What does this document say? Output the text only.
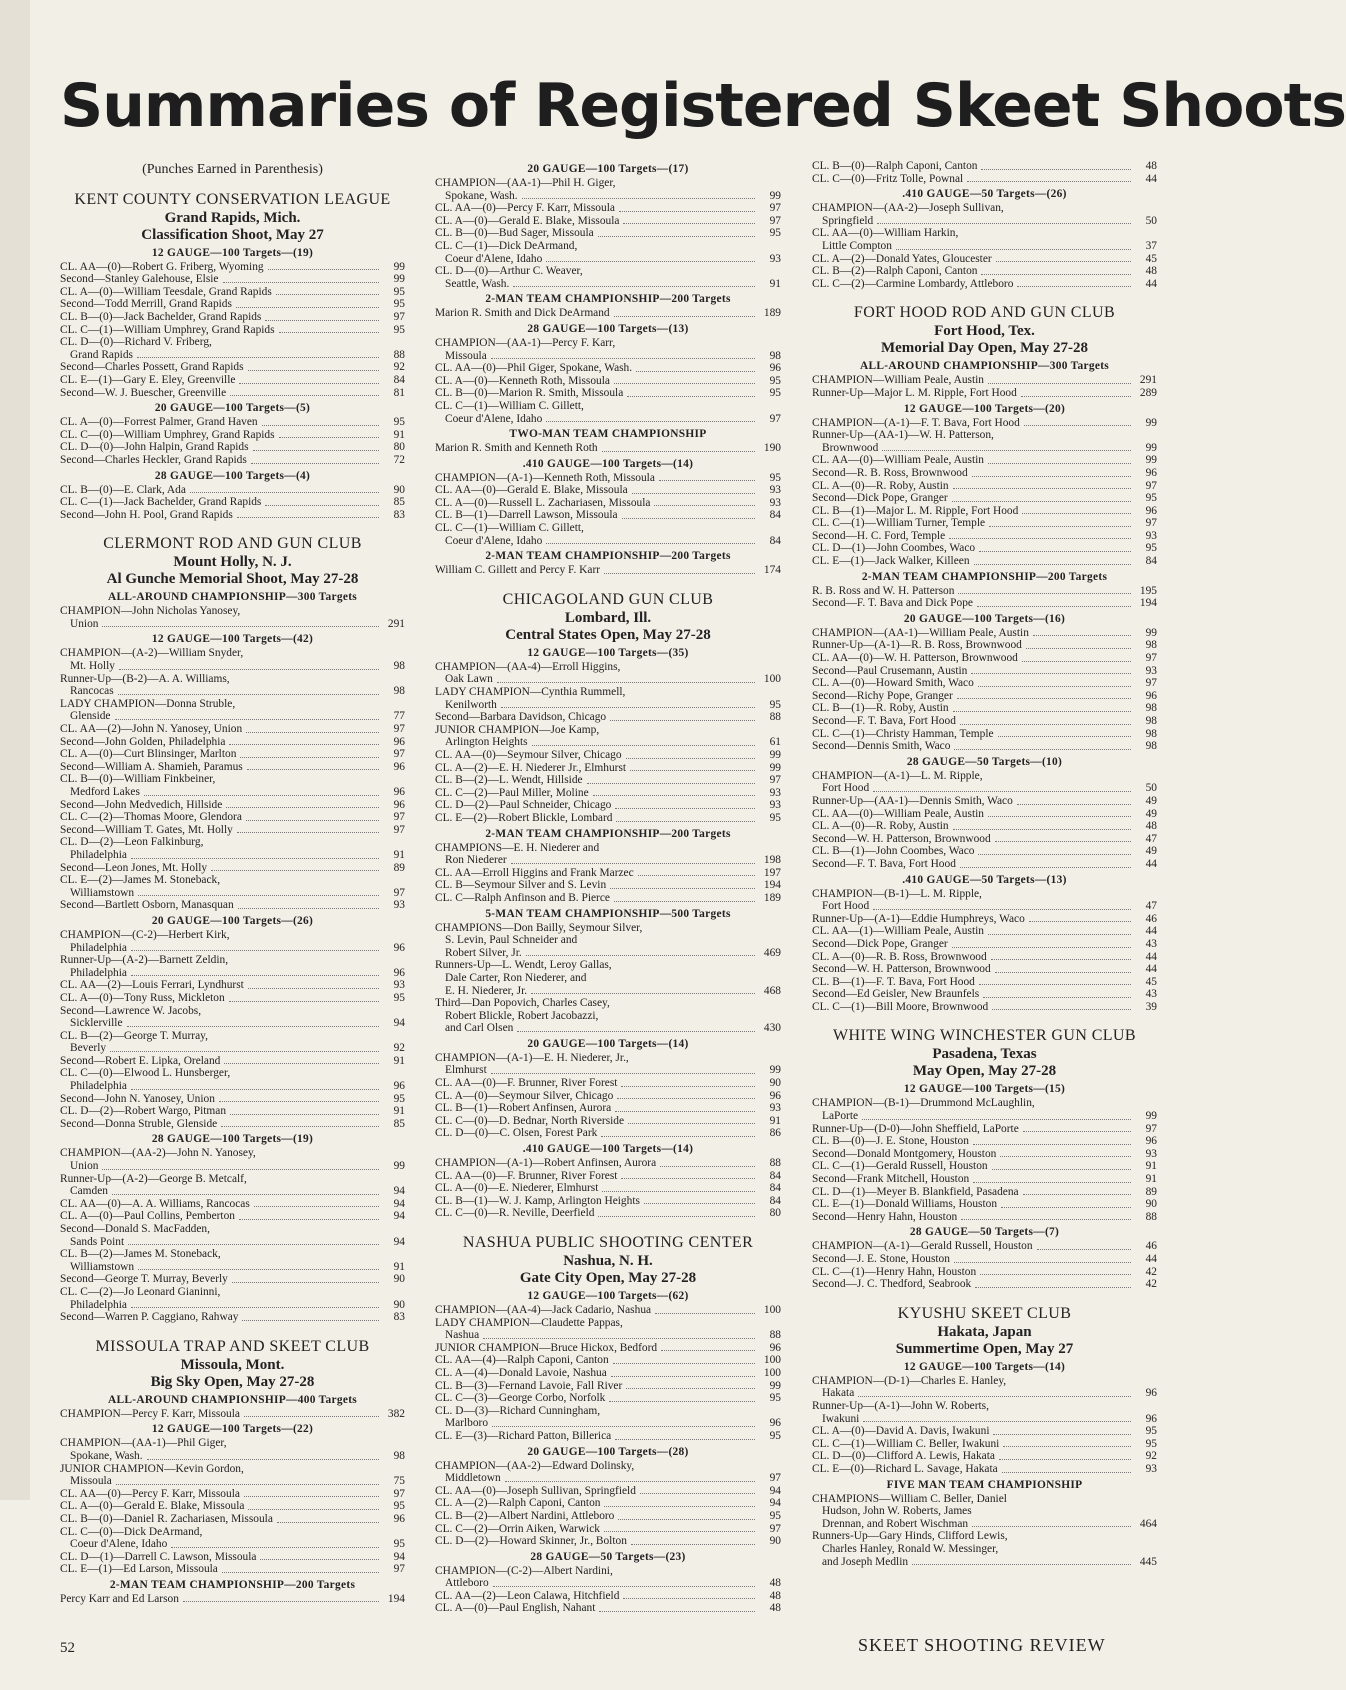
Summaries of Registered Skeet Shoots
(Punches Earned in Parenthesis)
KENT COUNTY CONSERVATION LEAGUE
Grand Rapids, Mich.
Classification Shoot, May 27
12 GAUGE—100 Targets—(19)
CL. AA—(0)—Robert G. Friberg, Wyoming	99
Second—Stanley Galehouse, Elsie	99
CL. A—(0)—William Teesdale, Grand Rapids	95
Second—Todd Merrill, Grand Rapids	95
CL. B—(0)—Jack Bachelder, Grand Rapids	97
CL. C—(1)—William Umphrey, Grand Rapids	95
CL. D—(0)—Richard V. Friberg,
Grand Rapids	88
Second—Charles Possett, Grand Rapids	92
CL. E—(1)—Gary E. Eley, Greenville	84
Second—W. J. Buescher, Greenville	81
20 GAUGE—100 Targets—(5)
CL. A—(0)—Forrest Palmer, Grand Haven	95
CL. C—(0)—William Umphrey, Grand Rapids	91
CL. D—(0)—John Halpin, Grand Rapids	80
Second—Charles Heckler, Grand Rapids	72
28 GAUGE—100 Targets—(4)
CL. B—(0)—E. Clark, Ada	90
CL. C—(1)—Jack Bachelder, Grand Rapids	85
Second—John H. Pool, Grand Rapids	83
CLERMONT ROD AND GUN CLUB
Mount Holly, N. J.
Al Gunche Memorial Shoot, May 27-28
ALL-AROUND CHAMPIONSHIP—300 Targets
CHAMPION—John Nicholas Yanosey,
Union	291
12 GAUGE—100 Targets—(42)
CHAMPION—(A-2)—William Snyder,
Mt. Holly	98
Runner-Up—(B-2)—A. A. Williams,
Rancocas	98
LADY CHAMPION—Donna Struble,
Glenside	77
CL. AA—(2)—John N. Yanosey, Union	97
Second—John Golden, Philadelphia	96
CL. A—(0)—Curt Blinsinger, Marlton	97
Second—William A. Shamieh, Paramus	96
CL. B—(0)—William Finkbeiner,
Medford Lakes	96
Second—John Medvedich, Hillside	96
CL. C—(2)—Thomas Moore, Glendora	97
Second—William T. Gates, Mt. Holly	97
CL. D—(2)—Leon Falkinburg,
Philadelphia	91
Second—Leon Jones, Mt. Holly	89
CL. E—(2)—James M. Stoneback,
Williamstown	97
Second—Bartlett Osborn, Manasquan	93
20 GAUGE—100 Targets—(26)
CHAMPION—(C-2)—Herbert Kirk,
Philadelphia	96
Runner-Up—(A-2)—Barnett Zeldin,
Philadelphia	96
CL. AA—(2)—Louis Ferrari, Lyndhurst	93
CL. A—(0)—Tony Russ, Mickleton	95
Second—Lawrence W. Jacobs,
Sicklerville	94
CL. B—(2)—George T. Murray,
Beverly	92
Second—Robert E. Lipka, Oreland	91
CL. C—(0)—Elwood L. Hunsberger,
Philadelphia	96
Second—John N. Yanosey, Union	95
CL. D—(2)—Robert Wargo, Pitman	91
Second—Donna Struble, Glenside	85
28 GAUGE—100 Targets—(19)
CHAMPION—(AA-2)—John N. Yanosey,
Union	99
Runner-Up—(A-2)—George B. Metcalf,
Camden	94
CL. AA—(0)—A. A. Williams, Rancocas	94
CL. A—(0)—Paul Collins, Pemberton	94
Second—Donald S. MacFadden,
Sands Point	94
CL. B—(2)—James M. Stoneback,
Williamstown	91
Second—George T. Murray, Beverly	90
CL. C—(2)—Jo Leonard Gianinni,
Philadelphia	90
Second—Warren P. Caggiano, Rahway	83
MISSOULA TRAP AND SKEET CLUB
Missoula, Mont.
Big Sky Open, May 27-28
ALL-AROUND CHAMPIONSHIP—400 Targets
CHAMPION—Percy F. Karr, Missoula	382
12 GAUGE—100 Targets—(22)
CHAMPION—(AA-1)—Phil Giger,
Spokane, Wash.	98
JUNIOR CHAMPION—Kevin Gordon,
Missoula	75
CL. AA—(0)—Percy F. Karr, Missoula	97
CL. A—(0)—Gerald E. Blake, Missoula	95
CL. B—(0)—Daniel R. Zachariasen, Missoula	96
CL. C—(0)—Dick DeArmand,
Coeur d'Alene, Idaho	95
CL. D—(1)—Darrell C. Lawson, Missoula	94
CL. E—(1)—Ed Larson, Missoula	97
2-MAN TEAM CHAMPIONSHIP—200 Targets
Percy Karr and Ed Larson	194
20 GAUGE—100 Targets—(17)
CHAMPION—(AA-1)—Phil H. Giger,
Spokane, Wash.	99
CL. AA—(0)—Percy F. Karr, Missoula	97
CL. A—(0)—Gerald E. Blake, Missoula	97
CL. B—(0)—Bud Sager, Missoula	95
CL. C—(1)—Dick DeArmand,
Coeur d'Alene, Idaho	93
CL. D—(0)—Arthur C. Weaver,
Seattle, Wash.	91
2-MAN TEAM CHAMPIONSHIP—200 Targets
Marion R. Smith and Dick DeArmand	189
28 GAUGE—100 Targets—(13)
CHAMPION—(AA-1)—Percy F. Karr,
Missoula	98
CL. AA—(0)—Phil Giger, Spokane, Wash.	96
CL. A—(0)—Kenneth Roth, Missoula	95
CL. B—(0)—Marion R. Smith, Missoula	95
CL. C—(1)—William C. Gillett,
Coeur d'Alene, Idaho	97
TWO-MAN TEAM CHAMPIONSHIP
Marion R. Smith and Kenneth Roth	190
.410 GAUGE—100 Targets—(14)
CHAMPION—(A-1)—Kenneth Roth, Missoula	95
CL. AA—(0)—Gerald E. Blake, Missoula	93
CL. A—(0)—Russell L. Zachariasen, Missoula	93
CL. B—(1)—Darrell Lawson, Missoula	84
CL. C—(1)—William C. Gillett,
Coeur d'Alene, Idaho	84
2-MAN TEAM CHAMPIONSHIP—200 Targets
William C. Gillett and Percy F. Karr	174
CHICAGOLAND GUN CLUB
Lombard, Ill.
Central States Open, May 27-28
12 GAUGE—100 Targets—(35)
CHAMPION—(AA-4)—Erroll Higgins,
Oak Lawn	100
LADY CHAMPION—Cynthia Rummell,
Kenilworth	95
Second—Barbara Davidson, Chicago	88
JUNIOR CHAMPION—Joe Kamp,
Arlington Heights	61
CL. AA—(0)—Seymour Silver, Chicago	99
CL. A—(2)—E. H. Niederer Jr., Elmhurst	99
CL. B—(2)—L. Wendt, Hillside	97
CL. C—(2)—Paul Miller, Moline	93
CL. D—(2)—Paul Schneider, Chicago	93
CL. E—(2)—Robert Blickle, Lombard	95
2-MAN TEAM CHAMPIONSHIP—200 Targets
CHAMPIONS—E. H. Niederer and
Ron Niederer	198
CL. AA—Erroll Higgins and Frank Marzec	197
CL. B—Seymour Silver and S. Levin	194
CL. C—Ralph Anfinson and B. Pierce	189
5-MAN TEAM CHAMPIONSHIP—500 Targets
CHAMPIONS—Don Bailly, Seymour Silver,
S. Levin, Paul Schneider and
Robert Silver, Jr.	469
Runners-Up—L. Wendt, Leroy Gallas,
Dale Carter, Ron Niederer, and
E. H. Niederer, Jr.	468
Third—Dan Popovich, Charles Casey,
Robert Blickle, Robert Jacobazzi,
and Carl Olsen	430
20 GAUGE—100 Targets—(14)
CHAMPION—(A-1)—E. H. Niederer, Jr.,
Elmhurst	99
CL. AA—(0)—F. Brunner, River Forest	90
CL. A—(0)—Seymour Silver, Chicago	96
CL. B—(1)—Robert Anfinsen, Aurora	93
CL. C—(0)—D. Bednar, North Riverside	91
CL. D—(0)—C. Olsen, Forest Park	86
.410 GAUGE—100 Targets—(14)
CHAMPION—(A-1)—Robert Anfinsen, Aurora	88
CL. AA—(0)—F. Brunner, River Forest	84
CL. A—(0)—E. Niederer, Elmhurst	84
CL. B—(1)—W. J. Kamp, Arlington Heights	84
CL. C—(0)—R. Neville, Deerfield	80
NASHUA PUBLIC SHOOTING CENTER
Nashua, N. H.
Gate City Open, May 27-28
12 GAUGE—100 Targets—(62)
CHAMPION—(AA-4)—Jack Cadario, Nashua	100
LADY CHAMPION—Claudette Pappas,
Nashua	88
JUNIOR CHAMPION—Bruce Hickox, Bedford	96
CL. AA—(4)—Ralph Caponi, Canton	100
CL. A—(4)—Donald Lavoie, Nashua	100
CL. B—(3)—Fernand Lavoie, Fall River	99
CL. C—(3)—George Corbo, Norfolk	95
CL. D—(3)—Richard Cunningham,
Marlboro	96
CL. E—(3)—Richard Patton, Billerica	95
20 GAUGE—100 Targets—(28)
CHAMPION—(AA-2)—Edward Dolinsky,
Middletown	97
CL. AA—(0)—Joseph Sullivan, Springfield	94
CL. A—(2)—Ralph Caponi, Canton	94
CL. B—(2)—Albert Nardini, Attleboro	95
CL. C—(2)—Orrin Aiken, Warwick	97
CL. D—(2)—Howard Skinner, Jr., Bolton	90
28 GAUGE—50 Targets—(23)
CHAMPION—(C-2)—Albert Nardini,
Attleboro	48
CL. AA—(2)—Leon Calawa, Hitchfield	48
CL. A—(0)—Paul English, Nahant	48
CL. B—(0)—Ralph Caponi, Canton	48
CL. C—(0)—Fritz Tolle, Pownal	44
.410 GAUGE—50 Targets—(26)
CHAMPION—(AA-2)—Joseph Sullivan,
Springfield	50
CL. AA—(0)—William Harkin,
Little Compton	37
CL. A—(2)—Donald Yates, Gloucester	45
CL. B—(2)—Ralph Caponi, Canton	48
CL. C—(2)—Carmine Lombardy, Attleboro	44
FORT HOOD ROD AND GUN CLUB
Fort Hood, Tex.
Memorial Day Open, May 27-28
ALL-AROUND CHAMPIONSHIP—300 Targets
CHAMPION—William Peale, Austin	291
Runner-Up—Major L. M. Ripple, Fort Hood	289
12 GAUGE—100 Targets—(20)
CHAMPION—(A-1)—F. T. Bava, Fort Hood	99
Runner-Up—(AA-1)—W. H. Patterson,
Brownwood	99
CL. AA—(0)—William Peale, Austin	99
Second—R. B. Ross, Brownwood	96
CL. A—(0)—R. Roby, Austin	97
Second—Dick Pope, Granger	95
CL. B—(1)—Major L. M. Ripple, Fort Hood	96
CL. C—(1)—William Turner, Temple	97
Second—H. C. Ford, Temple	93
CL. D—(1)—John Coombes, Waco	95
CL. E—(1)—Jack Walker, Killeen	84
2-MAN TEAM CHAMPIONSHIP—200 Targets
R. B. Ross and W. H. Patterson	195
Second—F. T. Bava and Dick Pope	194
20 GAUGE—100 Targets—(16)
CHAMPION—(AA-1)—William Peale, Austin	99
Runner-Up—(A-1)—R. B. Ross, Brownwood	98
CL. AA—(0)—W. H. Patterson, Brownwood	97
Second—Paul Crusemann, Austin	93
CL. A—(0)—Howard Smith, Waco	97
Second—Richy Pope, Granger	96
CL. B—(1)—R. Roby, Austin	98
Second—F. T. Bava, Fort Hood	98
CL. C—(1)—Christy Hamman, Temple	98
Second—Dennis Smith, Waco	98
28 GAUGE—50 Targets—(10)
CHAMPION—(A-1)—L. M. Ripple,
Fort Hood	50
Runner-Up—(AA-1)—Dennis Smith, Waco	49
CL. AA—(0)—William Peale, Austin	49
CL. A—(0)—R. Roby, Austin	48
Second—W. H. Patterson, Brownwood	47
CL. B—(1)—John Coombes, Waco	49
Second—F. T. Bava, Fort Hood	44
.410 GAUGE—50 Targets—(13)
CHAMPION—(B-1)—L. M. Ripple,
Fort Hood	47
Runner-Up—(A-1)—Eddie Humphreys, Waco	46
CL. AA—(1)—William Peale, Austin	44
Second—Dick Pope, Granger	43
CL. A—(0)—R. B. Ross, Brownwood	44
Second—W. H. Patterson, Brownwood	44
CL. B—(1)—F. T. Bava, Fort Hood	45
Second—Ed Geisler, New Braunfels	43
CL. C—(1)—Bill Moore, Brownwood	39
WHITE WING WINCHESTER GUN CLUB
Pasadena, Texas
May Open, May 27-28
12 GAUGE—100 Targets—(15)
CHAMPION—(B-1)—Drummond McLaughlin,
LaPorte	99
Runner-Up—(D-0)—John Sheffield, LaPorte	97
CL. B—(0)—J. E. Stone, Houston	96
Second—Donald Montgomery, Houston	93
CL. C—(1)—Gerald Russell, Houston	91
Second—Frank Mitchell, Houston	91
CL. D—(1)—Meyer B. Blankfield, Pasadena	89
CL. E—(1)—Donald Williams, Houston	90
Second—Henry Hahn, Houston	88
28 GAUGE—50 Targets—(7)
CHAMPION—(A-1)—Gerald Russell, Houston	46
Second—J. E. Stone, Houston	44
CL. C—(1)—Henry Hahn, Houston	42
Second—J. C. Thedford, Seabrook	42
KYUSHU SKEET CLUB
Hakata, Japan
Summertime Open, May 27
12 GAUGE—100 Targets—(14)
CHAMPION—(D-1)—Charles E. Hanley,
Hakata	96
Runner-Up—(A-1)—John W. Roberts,
Iwakuni	96
CL. A—(0)—David A. Davis, Iwakuni	95
CL. C—(1)—William C. Beller, Iwakuni	95
CL. D—(0)—Clifford A. Lewis, Hakata	92
CL. E—(0)—Richard L. Savage, Hakata	93
FIVE MAN TEAM CHAMPIONSHIP
CHAMPIONS—William C. Beller, Daniel
Hudson, John W. Roberts, James
Drennan, and Robert Wischman	464
Runners-Up—Gary Hinds, Clifford Lewis,
Charles Hanley, Ronald W. Messinger,
and Joseph Medlin	445
52	SKEET SHOOTING REVIEW
